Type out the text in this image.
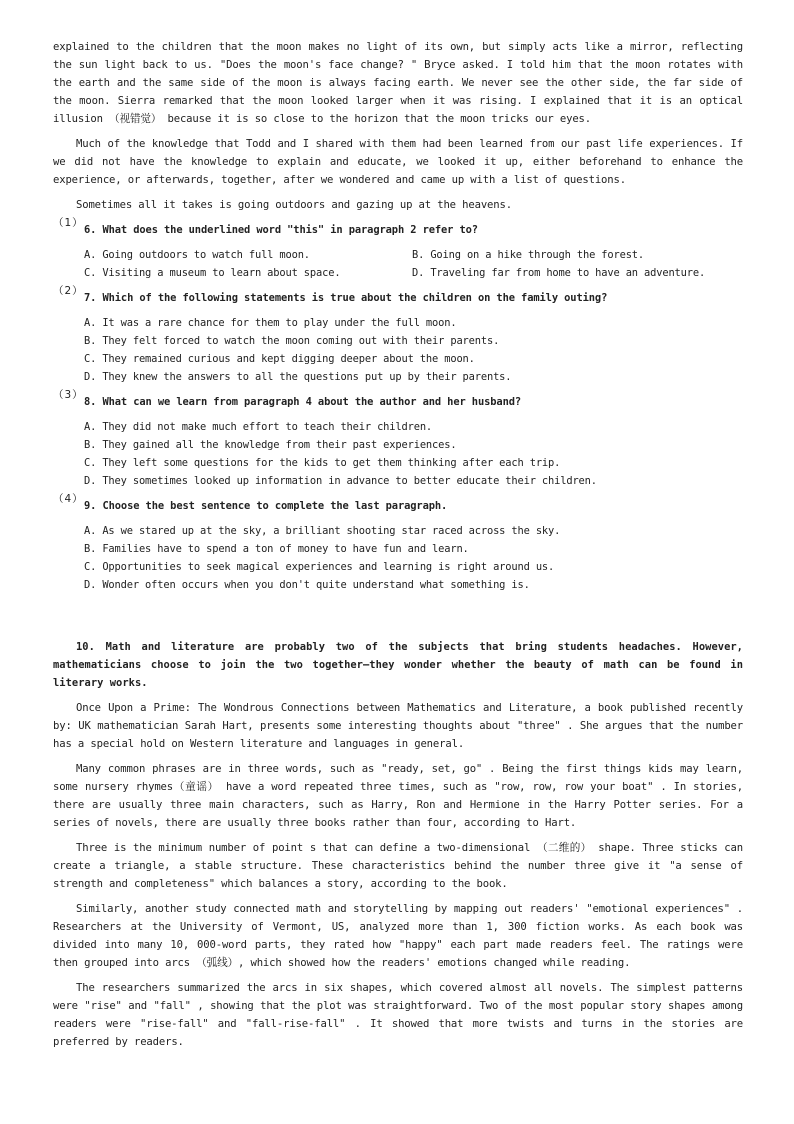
explained to the children that the moon makes no light of its own, but simply acts like a mirror, reflecting the sun light back to us. "Does the moon's face change? " Bryce asked. I told him that the moon rotates with the earth and the same side of the moon is always facing earth. We never see the other side, the far side of the moon. Sierra remarked that the moon looked larger when it was rising. I explained that it is an optical illusion （视错觉） because it is so close to the horizon that the moon tricks our eyes.

Much of the knowledge that Todd and I shared with them had been learned from our past life experiences. If we did not have the knowledge to explain and educate, we looked it up, either beforehand to enhance the experience, or afterwards, together, after we wondered and came up with a list of questions.

Sometimes all it takes is going outdoors and gazing up at the heavens.

（1）

6. What does the underlined word "this" in paragraph 2 refer to?

A. Going outdoors to watch full moon.	B. Going on a hike through the forest.
C. Visiting a museum to learn about space.	D. Traveling far from home to have an adventure.
（2）

7. Which of the following statements is true about the children on the family outing?

A. It was a rare chance for them to play under the full moon.

B. They felt forced to watch the moon coming out with their parents.

C. They remained curious and kept digging deeper about the moon.

D. They knew the answers to all the questions put up by their parents.

（3）

8. What can we learn from paragraph 4 about the author and her husband?

A. They did not make much effort to teach their children.

B. They gained all the knowledge from their past experiences.

C. They left some questions for the kids to get them thinking after each trip.

D. They sometimes looked up information in advance to better educate their children.

（4）

9. Choose the best sentence to complete the last paragraph.

A. As we stared up at the sky, a brilliant shooting star raced across the sky.

B. Families have to spend a ton of money to have fun and learn.

C. Opportunities to seek magical experiences and learning is right around us.

D. Wonder often occurs when you don't quite understand what something is.

10. Math and literature are probably two of the subjects that bring students headaches. However, mathematicians choose to join the two together—they wonder whether the beauty of math can be found in literary works.

Once Upon a Prime: The Wondrous Connections between Mathematics and Literature, a book published recently by: UK mathematician Sarah Hart, presents some interesting thoughts about "three" . She argues that the number has a special hold on Western literature and languages in general.

Many common phrases are in three words, such as "ready, set, go" . Being the first things kids may learn, some nursery rhymes（童谣） have a word repeated three times, such as "row, row, row your boat" . In stories, there are usually three main characters, such as Harry, Ron and Hermione in the Harry Potter series. For a series of novels, there are usually three books rather than four, according to Hart.

Three is the minimum number of point s that can define a two-dimensional （二维的） shape. Three sticks can create a triangle, a stable structure. These characteristics behind the number three give it "a sense of strength and completeness" which balances a story, according to the book.

Similarly, another study connected math and storytelling by mapping out readers' "emotional experiences" . Researchers at the University of Vermont, US, analyzed more than 1, 300 fiction works. As each book was divided into many 10, 000-word parts, they rated how "happy" each part made readers feel. The ratings were then grouped into arcs （弧线）, which showed how the readers' emotions changed while reading.

The researchers summarized the arcs in six shapes, which covered almost all novels. The simplest patterns were "rise" and "fall" , showing that the plot was straightforward. Two of the most popular story shapes among readers were "rise-fall" and "fall-rise-fall" . It showed that more twists and turns in the stories are preferred by readers.
